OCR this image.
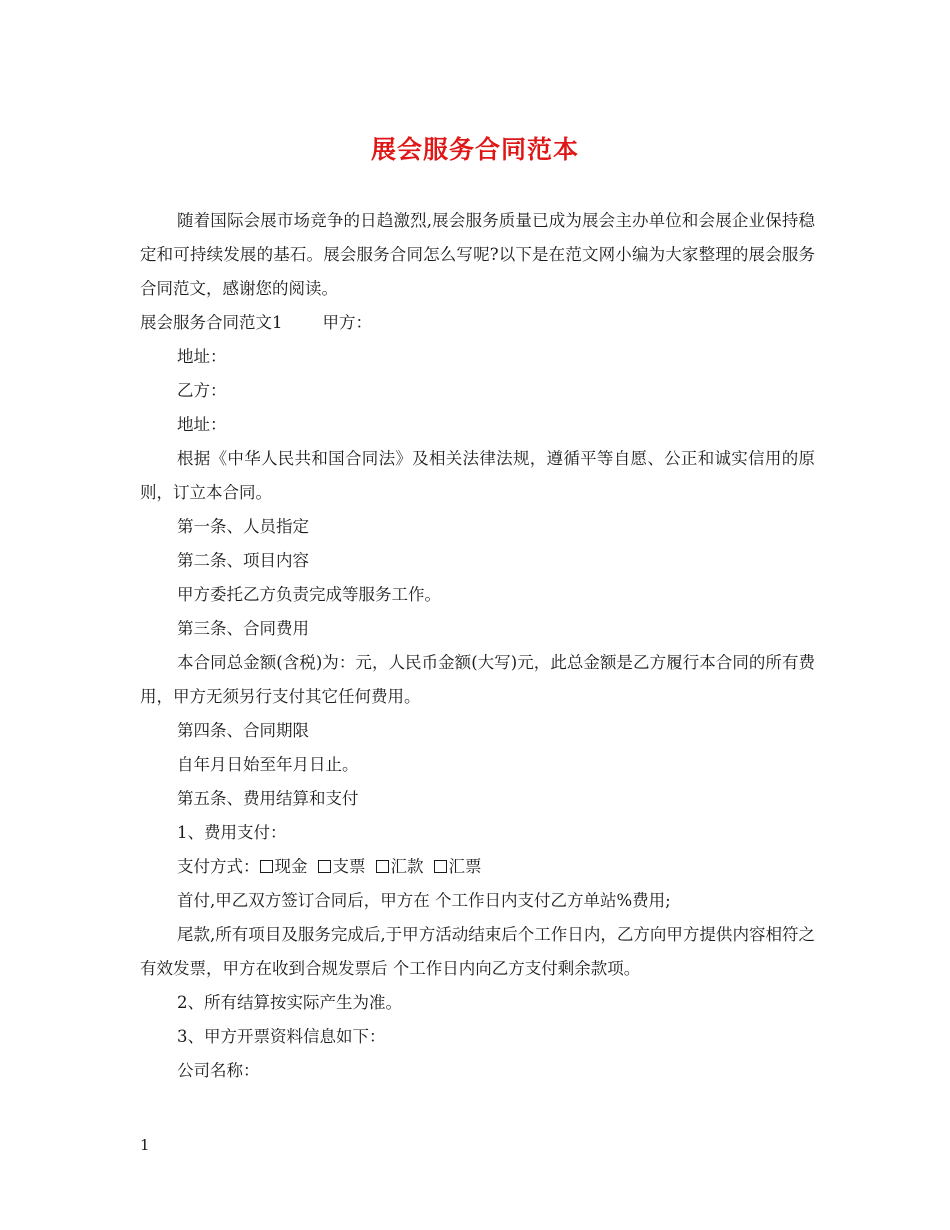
展会服务合同范本

随着国际会展市场竞争的日趋激烈,展会服务质量已成为展会主办单位和会展企业保持稳定和可持续发展的基石。展会服务合同怎么写呢?以下是在范文网小编为大家整理的展会服务合同范文，感谢您的阅读。

展会服务合同范文1 甲方：

地址：

乙方：

地址：

根据《中华人民共和国合同法》及相关法律法规，遵循平等自愿、公正和诚实信用的原则，订立本合同。

第一条、人员指定

第二条、项目内容

甲方委托乙方负责完成等服务工作。

第三条、合同费用

本合同总金额(含税)为：元，人民币金额(大写)元，此总金额是乙方履行本合同的所有费用，甲方无须另行支付其它任何费用。

第四条、合同期限

自年月日始至年月日止。

第五条、费用结算和支付

1、费用支付：

支付方式： 现金 支票 汇款 汇票

首付,甲乙双方签订合同后，甲方在 个工作日内支付乙方单站%费用;

尾款,所有项目及服务完成后,于甲方活动结束后个工作日内，乙方向甲方提供内容相符之有效发票，甲方在收到合规发票后 个工作日内向乙方支付剩余款项。

2、所有结算按实际产生为准。

3、甲方开票资料信息如下：

公司名称：

1
